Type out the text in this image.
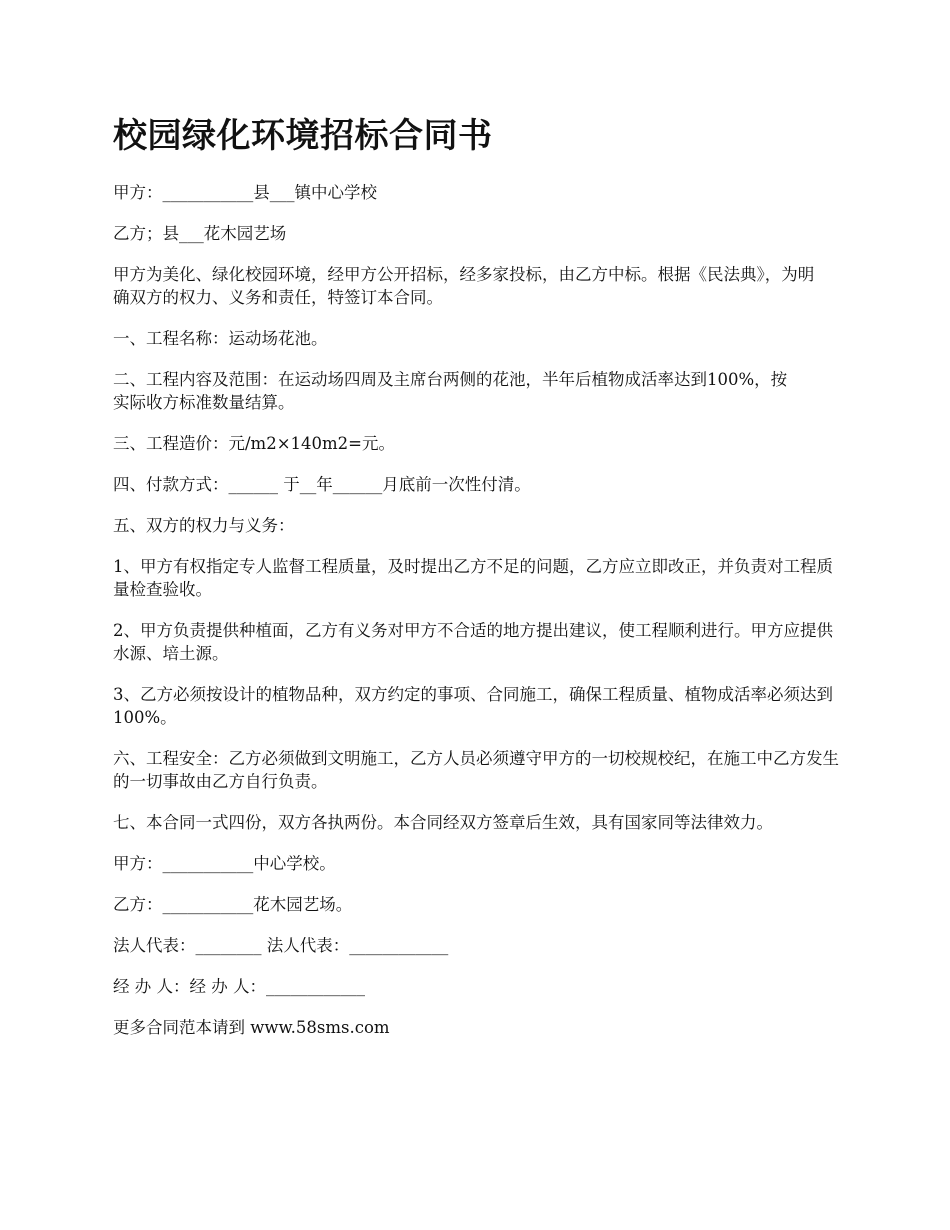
校园绿化环境招标合同书

甲方：___________县___镇中心学校

乙方；县___花木园艺场

甲方为美化、绿化校园环境，经甲方公开招标，经多家投标，由乙方中标。根据《民法典》，为明确双方的权力、义务和责任，特签订本合同。

一、工程名称：运动场花池。

二、工程内容及范围：在运动场四周及主席台两侧的花池，半年后植物成活率达到100%，按实际收方标准数量结算。

三、工程造价：元/m2×140m2=元。

四、付款方式：______ 于__年______月底前一次性付清。

五、双方的权力与义务：

1、甲方有权指定专人监督工程质量，及时提出乙方不足的问题，乙方应立即改正，并负责对工程质量检查验收。

2、甲方负责提供种植面，乙方有义务对甲方不合适的地方提出建议，使工程顺利进行。甲方应提供水源、培土源。

3、乙方必须按设计的植物品种，双方约定的事项、合同施工，确保工程质量、植物成活率必须达到100%。

六、工程安全：乙方必须做到文明施工，乙方人员必须遵守甲方的一切校规校纪，在施工中乙方发生的一切事故由乙方自行负责。

七、本合同一式四份，双方各执两份。本合同经双方签章后生效，具有国家同等法律效力。

甲方：___________中心学校。

乙方：___________花木园艺场。

法人代表：________ 法人代表：____________

经 办 人：经 办 人：____________

更多合同范本请到 www.58sms.com
